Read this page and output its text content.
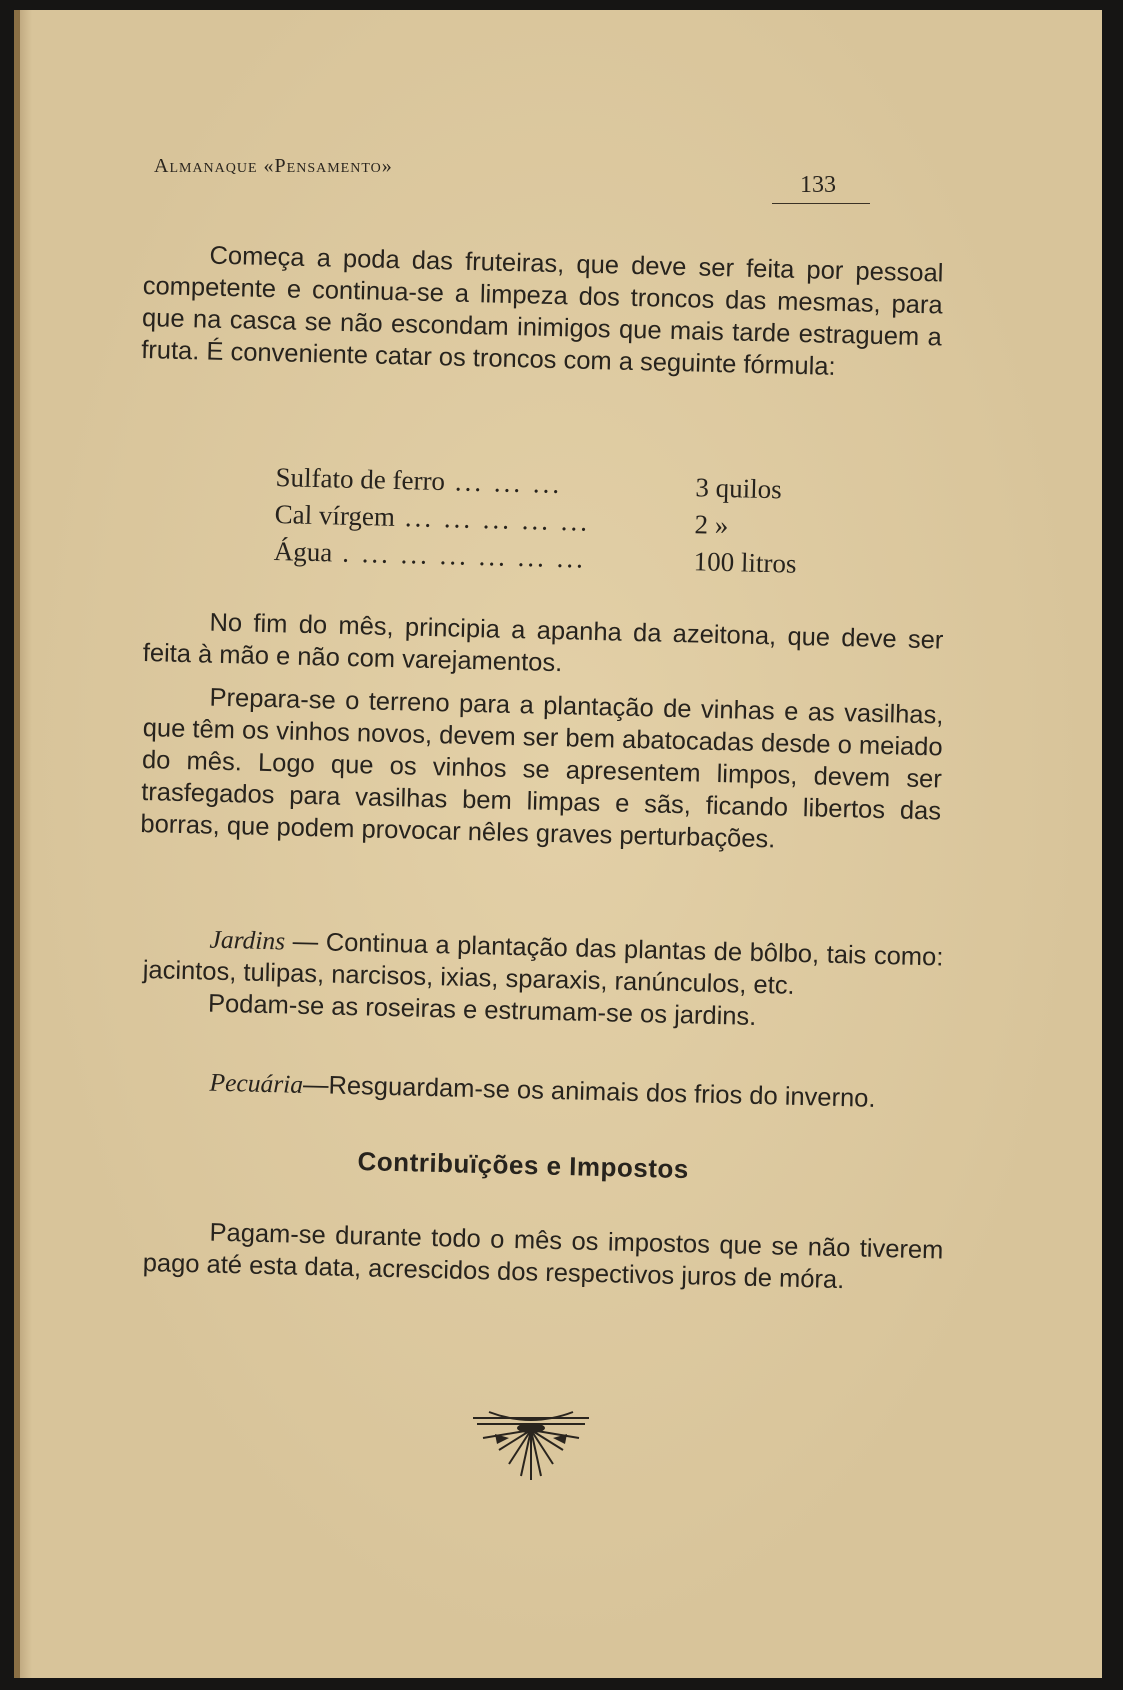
Almanaque «Pensamento»
133

Começa a poda das fruteiras, que deve ser feita por pessoal competente e continua-se a limpeza dos troncos das mesmas, para que na casca se não escondam inimigos que mais tarde estraguem a fruta. É conveniente catar os troncos com a seguinte fórmula:

Sulfato de ferro ... ... ...	3 quilos
Cal vírgem ... ... ... ... ...	2 »
Água . ... ... ... ... ... ...	100 litros

No fim do mês, principia a apanha da azeitona, que deve ser feita à mão e não com varejamentos.

Prepara-se o terreno para a plantação de vinhas e as vasilhas, que têm os vinhos novos, devem ser bem abatocadas desde o meiado do mês. Logo que os vinhos se apresentem limpos, devem ser trasfegados para vasilhas bem limpas e sãs, ficando libertos das borras, que podem provocar nêles graves perturbações.

Jardins — Continua a plantação das plantas de bôlbo, tais como: jacintos, tulipas, narcisos, ixias, sparaxis, ranúnculos, etc.

Podam-se as roseiras e estrumam-se os jardins.

Pecuária—Resguardam-se os animais dos frios do inverno.

Contribuïções e Impostos

Pagam-se durante todo o mês os impostos que se não tiverem pago até esta data, acrescidos dos respectivos juros de móra.
